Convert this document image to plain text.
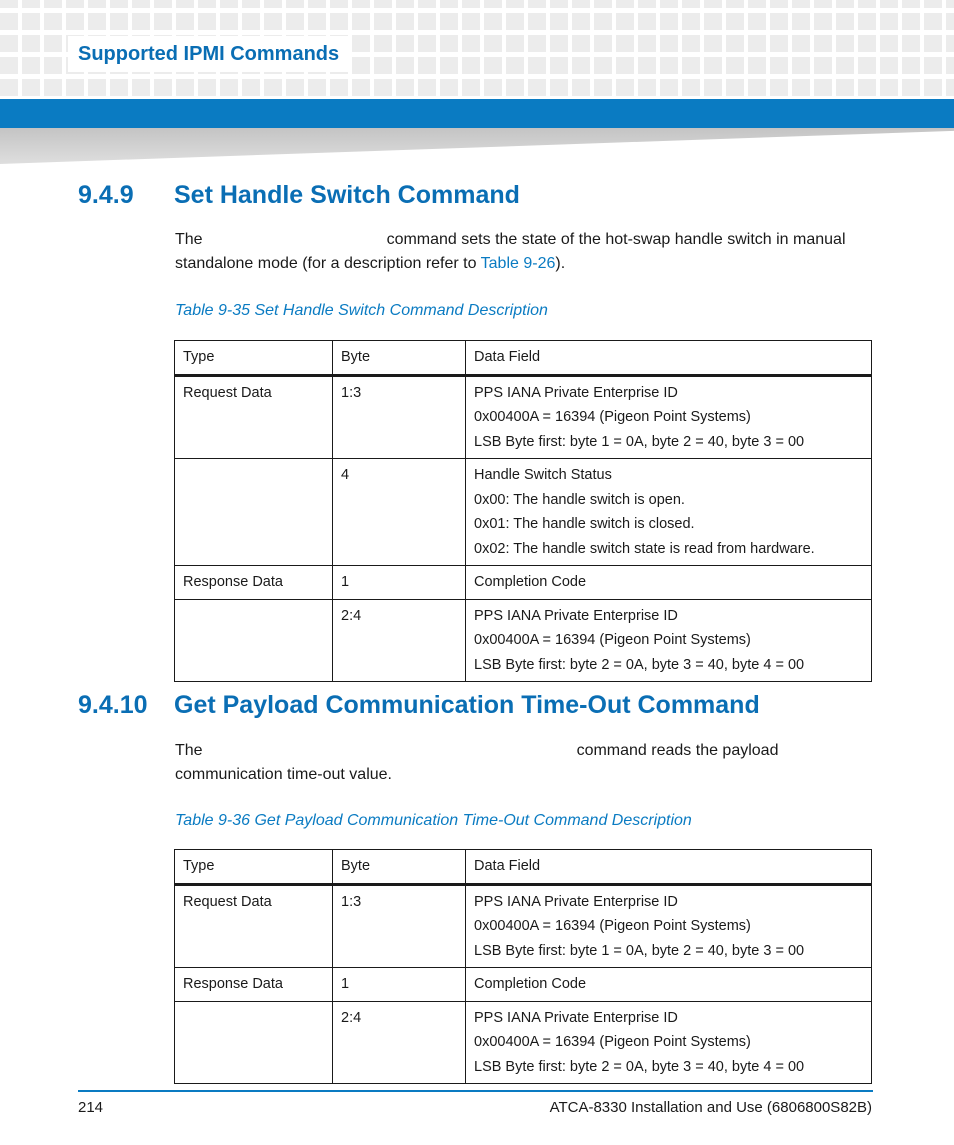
Supported IPMI Commands
9.4.9 Set Handle Switch Command

The	command sets the state of the hot-swap handle switch in manual standalone mode (for a description refer to Table 9-26).

Table 9-35 Set Handle Switch Command Description

Type	Byte	Data Field
Request Data	1:3	PPS IANA Private Enterprise ID
0x00400A = 16394 (Pigeon Point Systems)
LSB Byte first: byte 1 = 0A, byte 2 = 40, byte 3 = 00

	4	Handle Switch Status
0x00: The handle switch is open.
0x01: The handle switch is closed.
0x02: The handle switch state is read from hardware.

Response Data	1	Completion Code

	2:4	PPS IANA Private Enterprise ID
0x00400A = 16394 (Pigeon Point Systems)
LSB Byte first: byte 2 = 0A, byte 3 = 40, byte 4 = 00
9.4.10 Get Payload Communication Time-Out Command

The	command reads the payload communication time-out value.

Table 9-36 Get Payload Communication Time-Out Command Description

Type	Byte	Data Field
Request Data	1:3	PPS IANA Private Enterprise ID
0x00400A = 16394 (Pigeon Point Systems)
LSB Byte first: byte 1 = 0A, byte 2 = 40, byte 3 = 00

Response Data	1	Completion Code

	2:4	PPS IANA Private Enterprise ID
0x00400A = 16394 (Pigeon Point Systems)
LSB Byte first: byte 2 = 0A, byte 3 = 40, byte 4 = 00
214	ATCA-8330 Installation and Use (6806800S82B)
